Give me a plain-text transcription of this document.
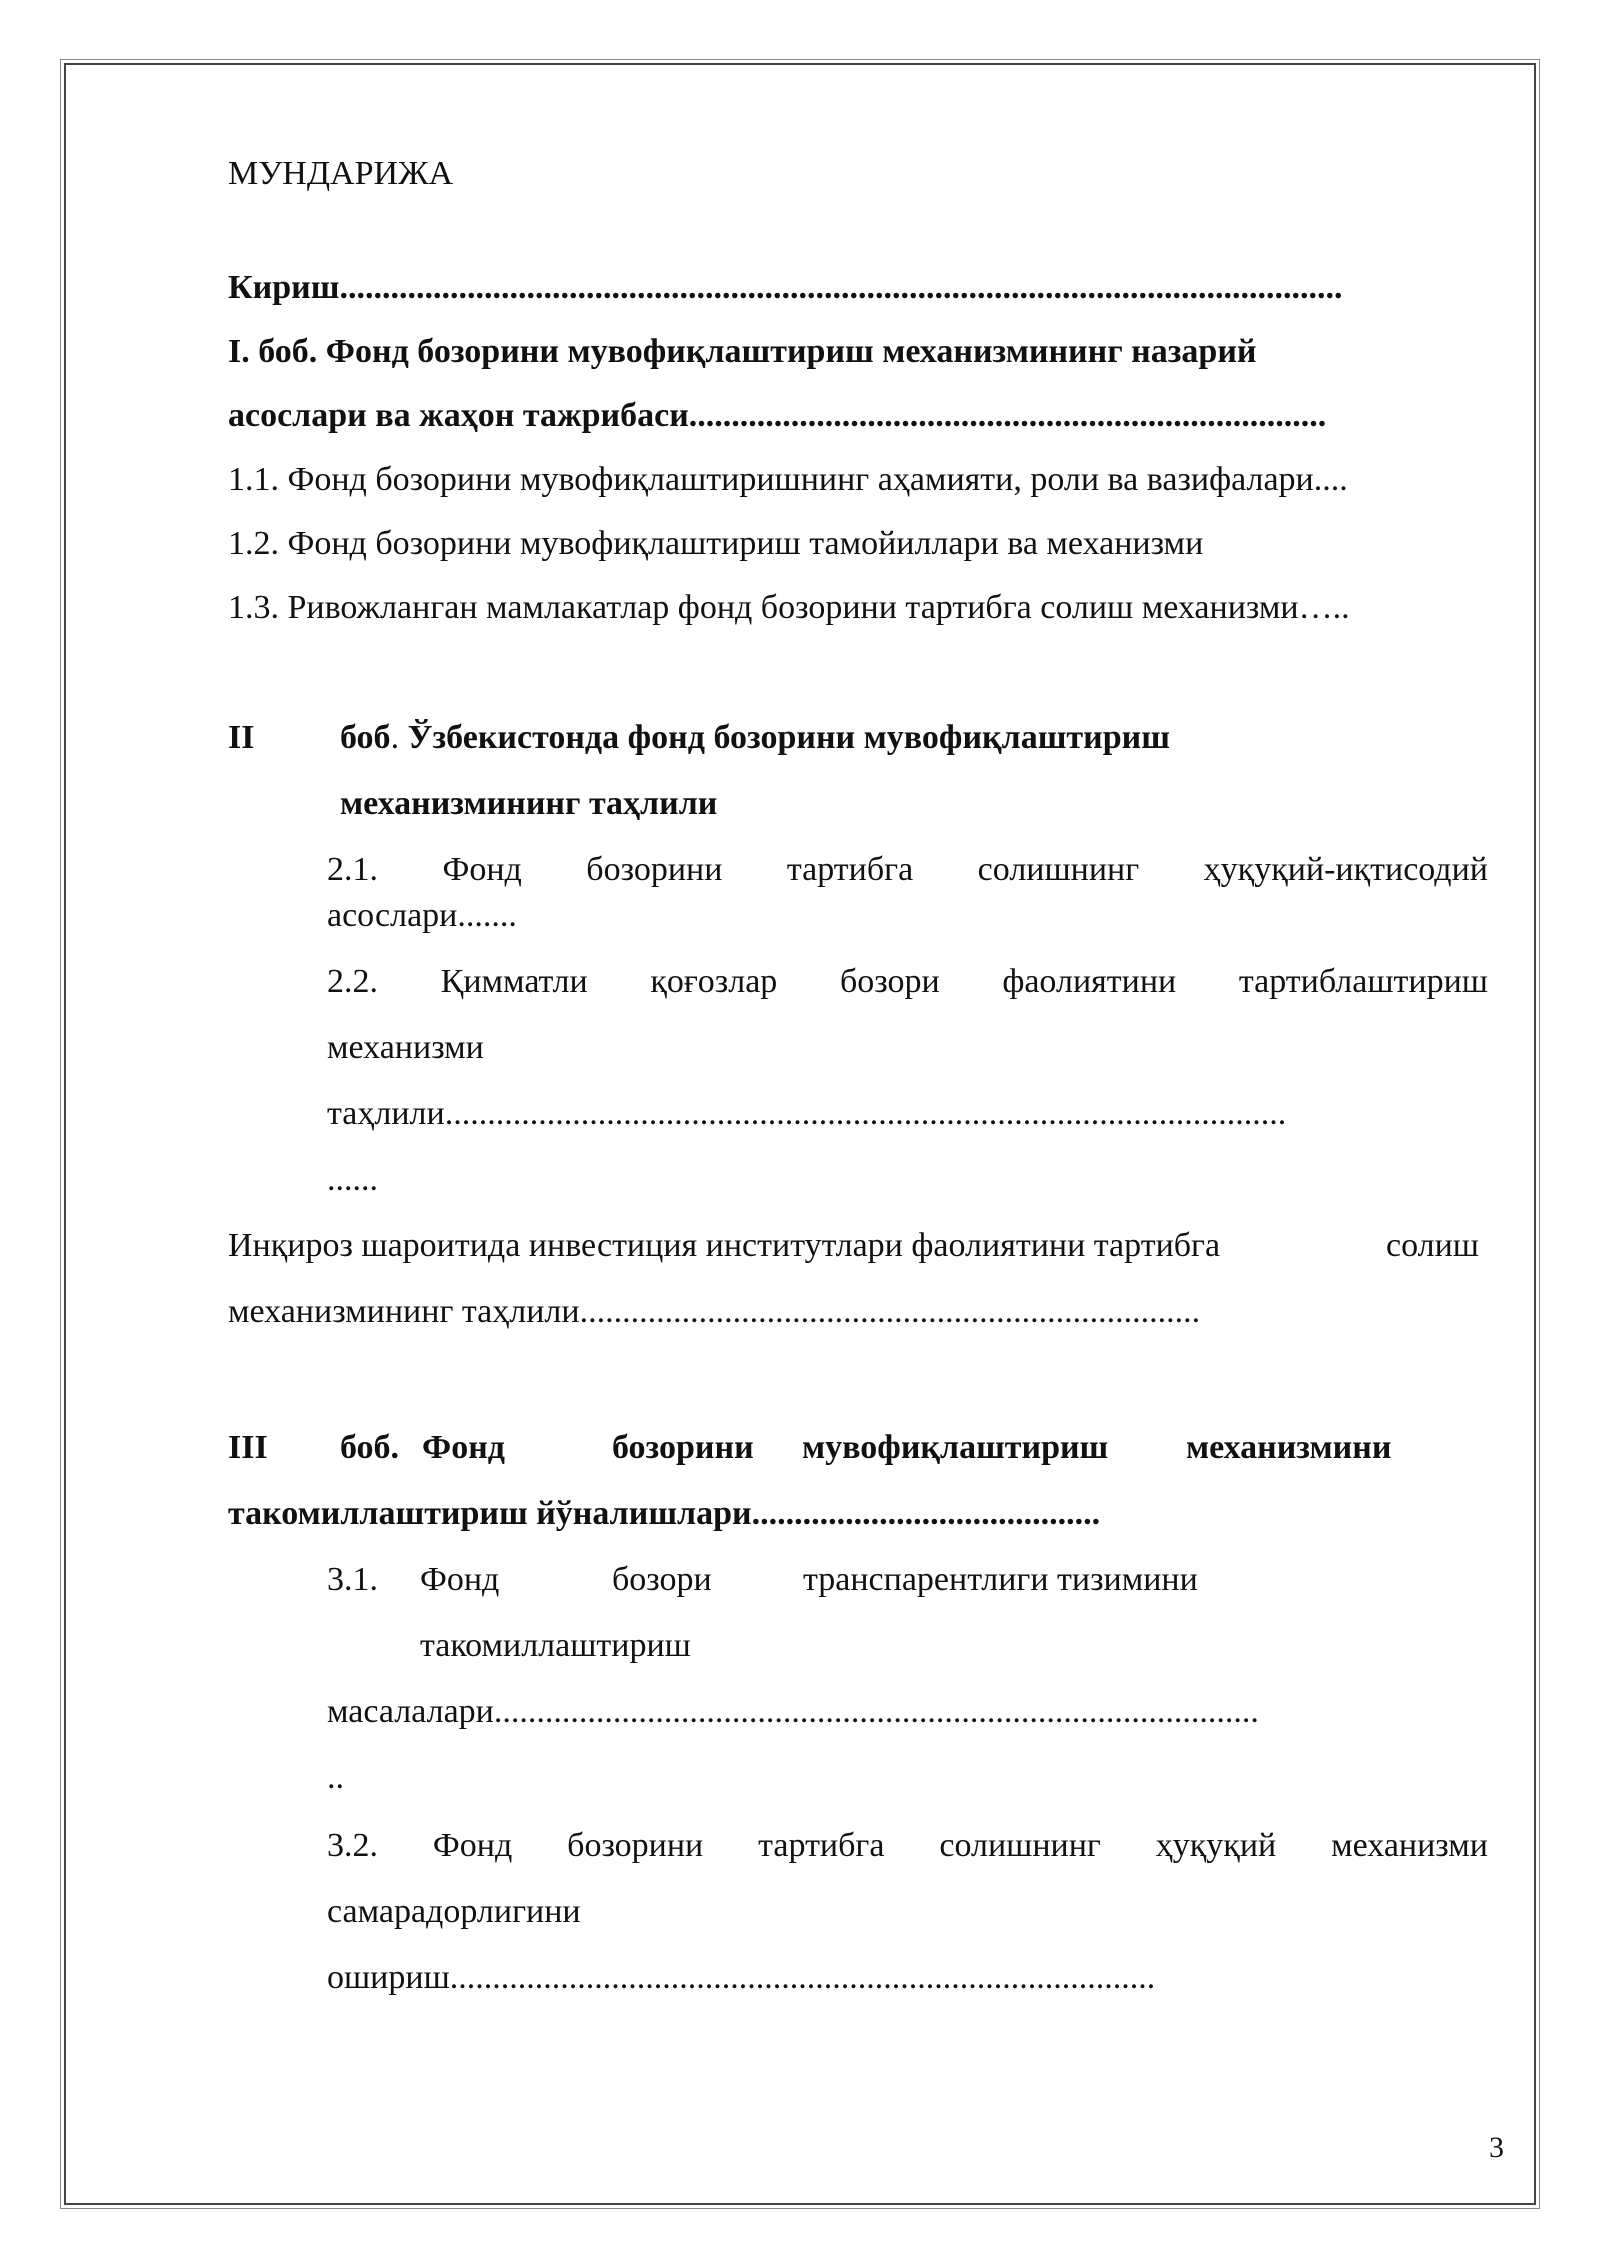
МУНДАРИЖА
Кириш......................................................................................................................
I. боб. Фонд бозорини мувофиқлаштириш механизмининг назарий
асослари ва жаҳон тажрибаси...........................................................................
1.1. Фонд бозорини мувофиқлаштиришнинг аҳамияти, роли ва вазифалари....
1.2. Фонд бозорини мувофиқлаштириш тамойиллари ва механизми
1.3. Ривожланган мамлакатлар фонд бозорини тартибга солиш механизми…..
II	боб. Ўзбекистонда фонд бозорини мувофиқлаштириш
механизмининг таҳлили
2.1. Фонд бозорини тартибга солишнинг ҳуқуқий-иқтисодий
асослари.......
2.2. Қимматли қоғозлар бозори фаолиятини тартиблаштириш
механизми
таҳлили...................................................................................................
......
Инқироз шароитида инвестиция институтлари фаолиятини тартибга	солиш
механизмининг таҳлили.........................................................................
III боб. Фонд	бозорини мувофиқлаштириш механизмини
такомиллаштириш йўналишлари.........................................
3.1. Фонд	бозори	транспарентлиги тизимини
такомиллаштириш
масалалари..........................................................................................
..
3.2. Фонд бозорини тартибга солишнинг ҳуқуқий механизми
самарадорлигини
ошириш...................................................................................
3
